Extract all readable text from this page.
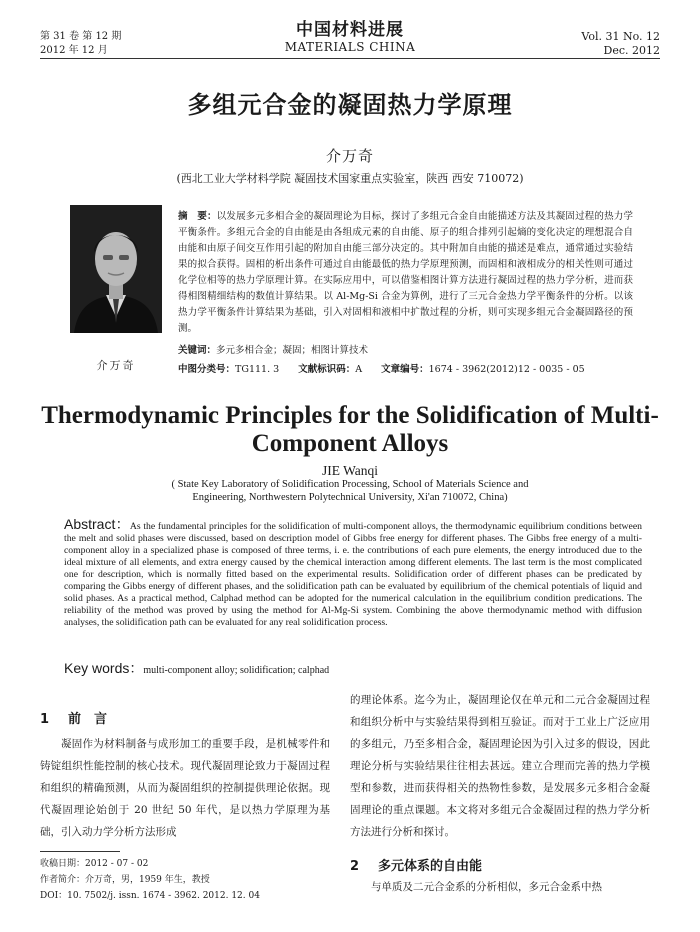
第 31 卷 第 12 期
2012 年 12 月
中国材料进展
MATERIALS CHINA
Vol. 31 No. 12
Dec. 2012
多组元合金的凝固热力学原理
介万奇
(西北工业大学材料学院 凝固技术国家重点实验室，陕西 西安 710072)
介万奇
摘　要：以发展多元多相合金的凝固理论为目标，探讨了多组元合金自由能描述方法及其凝固过程的热力学平衡条件。多组元合金的自由能是由各组成元素的自由能、原子的组合排列引起熵的变化决定的理想混合自由能和由原子间交互作用引起的附加自由能三部分决定的。其中附加自由能的描述是难点，通常通过实验结果的拟合获得。固相的析出条件可通过自由能最低的热力学原理预测，而固相和液相成分的相关性则可通过化学位相等的热力学原理计算。在实际应用中，可以借鉴相图计算方法进行凝固过程的热力学分析，进而获得相图精细结构的数值计算结果。以 Al-Mg-Si 合金为算例，进行了三元合金热力学平衡条件的分析。以该热力学平衡条件计算结果为基础，引入对固相和液相中扩散过程的分析，则可实现多组元合金凝固路径的预测。
关键词：多元多相合金；凝固；相图计算技术
中图分类号：TG111. 3 文献标识码：A 文章编号：1674 - 3962(2012)12 - 0035 - 05
Thermodynamic Principles for the Solidification of Multi-Component Alloys
JIE Wanqi
( State Key Laboratory of Solidification Processing, School of Materials Science and
Engineering, Northwestern Polytechnical University, Xi'an 710072, China)
Abstract：As the fundamental principles for the solidification of multi-component alloys, the thermodynamic equilibrium conditions between the melt and solid phases were discussed, based on description model of Gibbs free energy for different phases. The Gibbs free energy of a multi-component alloy in a specialized phase is composed of three terms, i. e. the contributions of each pure elements, the energy introduced due to the ideal mixture of all elements, and extra energy caused by the chemical interaction among different elements. The last term is the most complicated one for description, which is normally fitted based on the experimental results. Solidification order of different phases can be predicated by comparing the Gibbs energy of different phases, and the solidification path can be evaluated by equilibrium of the chemical potentials of liquid and solid phases. As a practical method, Calphad method can be adopted for the numerical calculation in the equilibrium condition predications. The reliability of the method was proved by using the method for Al-Mg-Si system. Combining the above thermodynamic method with diffusion analyses, the solidification path can be evaluated for any real solidification process.
Key words：multi-component alloy; solidification; calphad
1 前　言
凝固作为材料制备与成形加工的重要手段，是机械零件和铸锭组织性能控制的核心技术。现代凝固理论致力于凝固过程和组织的精确预测，从而为凝固组织的控制提供理论依据。现代凝固理论始创于 20 世纪 50 年代，是以热力学原理为基础，引入动力学分析方法形成
的理论体系。迄今为止，凝固理论仅在单元和二元合金凝固过程和组织分析中与实验结果得到相互验证。而对于工业上广泛应用的多组元，乃至多相合金，凝固理论因为引入过多的假设，因此理论分析与实验结果往往相去甚远。建立合理而完善的热力学模型和参数，进而获得相关的热物性参数，是发展多元多相合金凝固理论的重点课题。本文将对多组元合金凝固过程的热力学分析方法进行分析和探讨。
2 多元体系的自由能
与单质及二元合金系的分析相似，多元合金系中热
收稿日期：2012 - 07 - 02
作者简介：介万奇，男，1959 年生，教授
DOI：10. 7502/j. issn. 1674 - 3962. 2012. 12. 04
